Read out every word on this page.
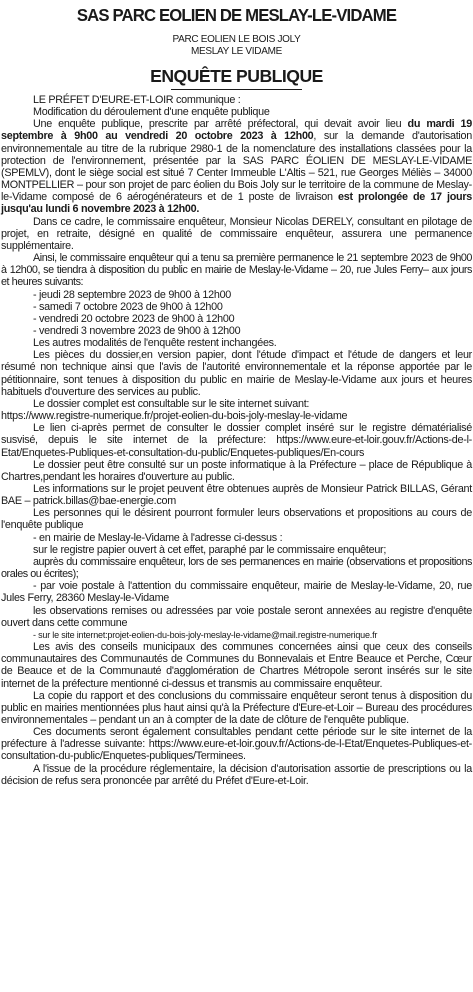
SAS PARC EOLIEN DE MESLAY-LE-VIDAME

PARC EOLIEN LE BOIS JOLY

MESLAY LE VIDAME

ENQUÊTE PUBLIQUE

LE PRÉFET D'EURE-ET-LOIR communique :

Modification du déroulement d'une enquête publique

Une enquête publique, prescrite par arrêté préfectoral, qui devait avoir lieu du mardi 19 septembre à 9h00 au vendredi 20 octobre 2023 à 12h00, sur la demande d'autorisation environnementale au titre de la rubrique 2980-1 de la nomenclature des installations classées pour la protection de l'environnement, présentée par la SAS PARC ÉOLIEN DE MESLAY-LE-VIDAME (SPEMLV), dont le siège social est situé 7 Center Immeuble L'Altis – 521, rue Georges Méliès – 34000 MONTPELLIER – pour son projet de parc éolien du Bois Joly sur le territoire de la commune de Meslay-le-Vidame composé de 6 aérogénérateurs et de 1 poste de livraison est prolongée de 17 jours jusqu'au lundi 6 novembre 2023 à 12h00.

Dans ce cadre, le commissaire enquêteur, Monsieur Nicolas DERELY, consultant en pilotage de projet, en retraite, désigné en qualité de commissaire enquêteur, assurera une permanence supplémentaire.

Ainsi, le commissaire enquêteur qui a tenu sa première permanence le 21 septembre 2023 de 9h00 à 12h00, se tiendra à disposition du public en mairie de Meslay-le-Vidame – 20, rue Jules Ferry– aux jours et heures suivants:

- jeudi 28 septembre 2023 de 9h00 à 12h00

- samedi 7 octobre 2023 de 9h00 à 12h00

- vendredi 20 octobre 2023 de 9h00 à 12h00

- vendredi 3 novembre 2023 de 9h00 à 12h00

Les autres modalités de l'enquête restent inchangées.

Les pièces du dossier,en version papier, dont l'étude d'impact et l'étude de dangers et leur résumé non technique ainsi que l'avis de l'autorité environnementale et la réponse apportée par le pétitionnaire, sont tenues à disposition du public en mairie de Meslay-le-Vidame aux jours et heures habituels d'ouverture des services au public.

Le dossier complet est consultable sur le site internet suivant:

https://www.registre-numerique.fr/projet-eolien-du-bois-joly-meslay-le-vidame

Le lien ci-après permet de consulter le dossier complet inséré sur le registre dématérialisé susvisé, depuis le site internet de la préfecture: https://www.eure-et-loir.gouv.fr/Actions-de-l-Etat/Enquetes-Publiques-et-consultation-du-public/Enquetes-publiques/En-cours

Le dossier peut être consulté sur un poste informatique à la Préfecture – place de République à Chartres,pendant les horaires d'ouverture au public.

Les informations sur le projet peuvent être obtenues auprès de Monsieur Patrick BILLAS, Gérant BAE – patrick.billas@bae-energie.com

Les personnes qui le désirent pourront formuler leurs observations et propositions au cours de l'enquête publique

- en mairie de Meslay-le-Vidame à l'adresse ci-dessus :

sur le registre papier ouvert à cet effet, paraphé par le commissaire enquêteur;

auprès du commissaire enquêteur, lors de ses permanences en mairie (observations et propositions orales ou écrites);

- par voie postale à l'attention du commissaire enquêteur, mairie de Meslay-le-Vidame, 20, rue Jules Ferry, 28360 Meslay-le-Vidame

les observations remises ou adressées par voie postale seront annexées au registre d'enquête ouvert dans cette commune

- sur le site internet:projet-eolien-du-bois-joly-meslay-le-vidame@mail.registre-numerique.fr

Les avis des conseils municipaux des communes concernées ainsi que ceux des conseils communautaires des Communautés de Communes du Bonnevalais et Entre Beauce et Perche, Cœur de Beauce et de la Communauté d'agglomération de Chartres Métropole seront insérés sur le site internet de la préfecture mentionné ci-dessus et transmis au commissaire enquêteur.

La copie du rapport et des conclusions du commissaire enquêteur seront tenus à disposition du public en mairies mentionnées plus haut ainsi qu'à la Préfecture d'Eure-et-Loir – Bureau des procédures environnementales – pendant un an à compter de la date de clôture de l'enquête publique.

Ces documents seront également consultables pendant cette période sur le site internet de la préfecture à l'adresse suivante: https://www.eure-et-loir.gouv.fr/Actions-de-l-Etat/Enquetes-Publiques-et-consultation-du-public/Enquetes-publiques/Terminees.

A l'issue de la procédure réglementaire, la décision d'autorisation assortie de prescriptions ou la décision de refus sera prononcée par arrêté du Préfet d'Eure-et-Loir.
